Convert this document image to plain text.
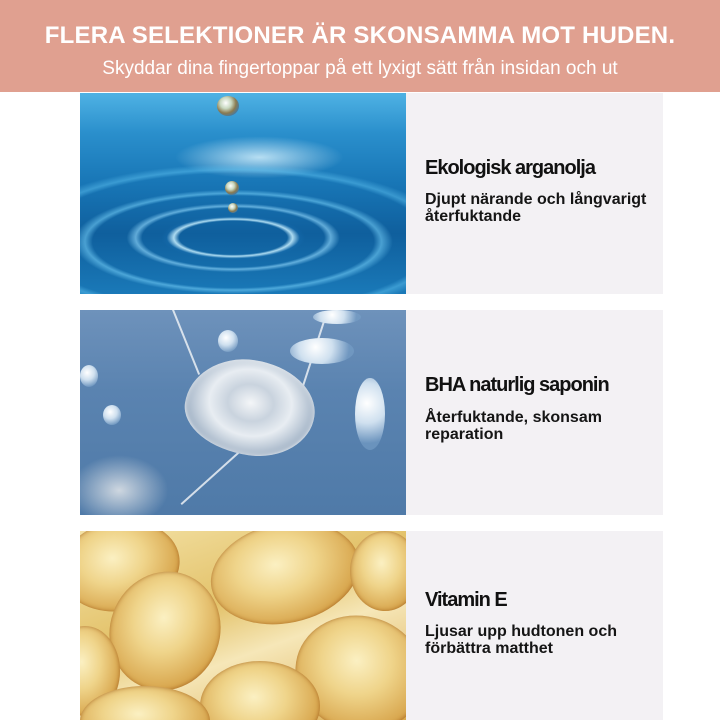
FLERA SELEKTIONER ÄR SKONSAMMA MOT HUDEN.
Skyddar dina fingertoppar på ett lyxigt sätt från insidan och ut
Ekologisk arganolja
Djupt närande och långvarigt återfuktande
BHA naturlig saponin
Återfuktande, skonsam reparation
Vitamin E
Ljusar upp hudtonen och förbättra matthet
